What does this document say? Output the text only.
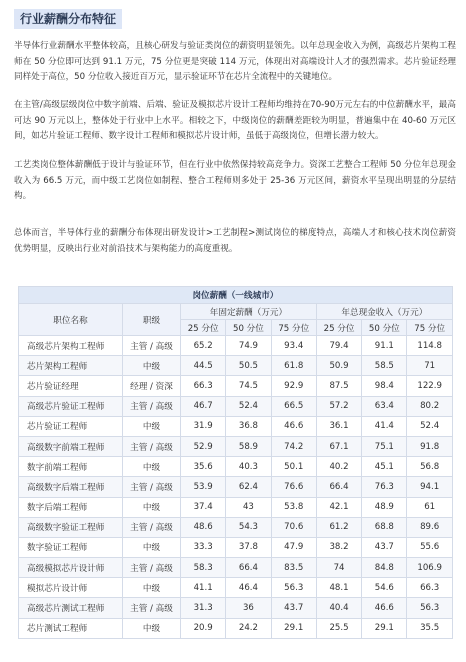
行业薪酬分布特征

半导体行业薪酬水平整体较高，且核心研发与验证类岗位的薪资明显领先。以年总现金收入为例，高级芯片架构工程师在 50 分位即可达到 91.1 万元，75 分位更是突破 114 万元，体现出对高端设计人才的强烈需求。芯片验证经理同样处于高位，50 分位收入接近百万元，显示验证环节在芯片全流程中的关键地位。

在主管/高级层级岗位中数字前端、后端、验证及模拟芯片设计工程师均维持在70-90万元左右的中位薪酬水平，最高可达 90 万元以上，整体处于行业中上水平。相较之下，中级岗位的薪酬差距较为明显，普遍集中在 40-60 万元区间，如芯片验证工程师、数字设计工程师和模拟芯片设计师，虽低于高级岗位，但增长潜力较大。

工艺类岗位整体薪酬低于设计与验证环节，但在行业中依然保持较高竞争力。资深工艺整合工程师 50 分位年总现金收入为 66.5 万元，而中级工艺岗位如制程、整合工程师则多处于 25-36 万元区间，薪资水平呈现出明显的分层结构。

总体而言，半导体行业的薪酬分布体现出研发设计>工艺制程>测试岗位的梯度特点，高端人才和核心技术岗位薪资优势明显，反映出行业对前沿技术与架构能力的高度重视。

岗位薪酬（一线城市）							
职位名称	职级	年固定薪酬（万元）			年总现金收入（万元）		
		25 分位	50 分位	75 分位	25 分位	50 分位	75 分位
高级芯片架构工程师	主管 / 高级	65.2	74.9	93.4	79.4	91.1	114.8
芯片架构工程师	中级	44.5	50.5	61.8	50.9	58.5	71
芯片验证经理	经理 / 资深	66.3	74.5	92.9	87.5	98.4	122.9
高级芯片验证工程师	主管 / 高级	46.7	52.4	66.5	57.2	63.4	80.2
芯片验证工程师	中级	31.9	36.8	46.6	36.1	41.4	52.4
高级数字前端工程师	主管 / 高级	52.9	58.9	74.2	67.1	75.1	91.8
数字前端工程师	中级	35.6	40.3	50.1	40.2	45.1	56.8
高级数字后端工程师	主管 / 高级	53.9	62.4	76.6	66.4	76.3	94.1
数字后端工程师	中级	37.4	43	53.8	42.1	48.9	61
高级数字验证工程师	主管 / 高级	48.6	54.3	70.6	61.2	68.8	89.6
数字验证工程师	中级	33.3	37.8	47.9	38.2	43.7	55.6
高级模拟芯片设计师	主管 / 高级	58.3	66.4	83.5	74	84.8	106.9
模拟芯片设计师	中级	41.1	46.4	56.3	48.1	54.6	66.3
高级芯片测试工程师	主管 / 高级	31.3	36	43.7	40.4	46.6	56.3
芯片测试工程师	中级	20.9	24.2	29.1	25.5	29.1	35.5
